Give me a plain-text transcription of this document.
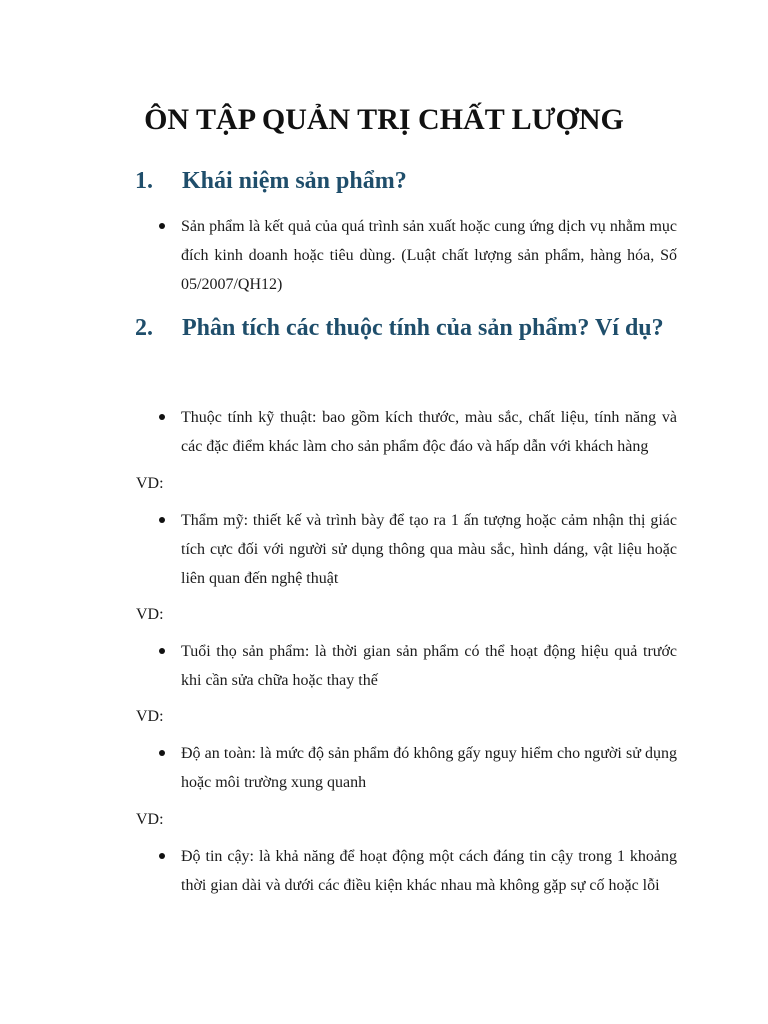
ÔN TẬP QUẢN TRỊ CHẤT LƯỢNG
1. Khái niệm sản phẩm?

Sản phẩm là kết quả của quá trình sản xuất hoặc cung ứng dịch vụ nhằm mục đích kinh doanh hoặc tiêu dùng. (Luật chất lượng sản phẩm, hàng hóa, Số 05/2007/QH12)

2. Phân tích các thuộc tính của sản phẩm? Ví dụ?

Thuộc tính kỹ thuật: bao gồm kích thước, màu sắc, chất liệu, tính năng và các đặc điểm khác làm cho sản phẩm độc đáo và hấp dẫn với khách hàng

VD:

Thẩm mỹ: thiết kế và trình bày để tạo ra 1 ấn tượng hoặc cảm nhận thị giác tích cực đối với người sử dụng thông qua màu sắc, hình dáng, vật liệu hoặc liên quan đến nghệ thuật

VD:

Tuổi thọ sản phẩm: là thời gian sản phẩm có thể hoạt động hiệu quả trước khi cần sửa chữa hoặc thay thế

VD:

Độ an toàn: là mức độ sản phẩm đó không gấy nguy hiểm cho người sử dụng hoặc môi trường xung quanh

VD:

Độ tin cậy: là khả năng để hoạt động một cách đáng tin cậy trong 1 khoảng thời gian dài và dưới các điều kiện khác nhau mà không gặp sự cố hoặc lỗi
